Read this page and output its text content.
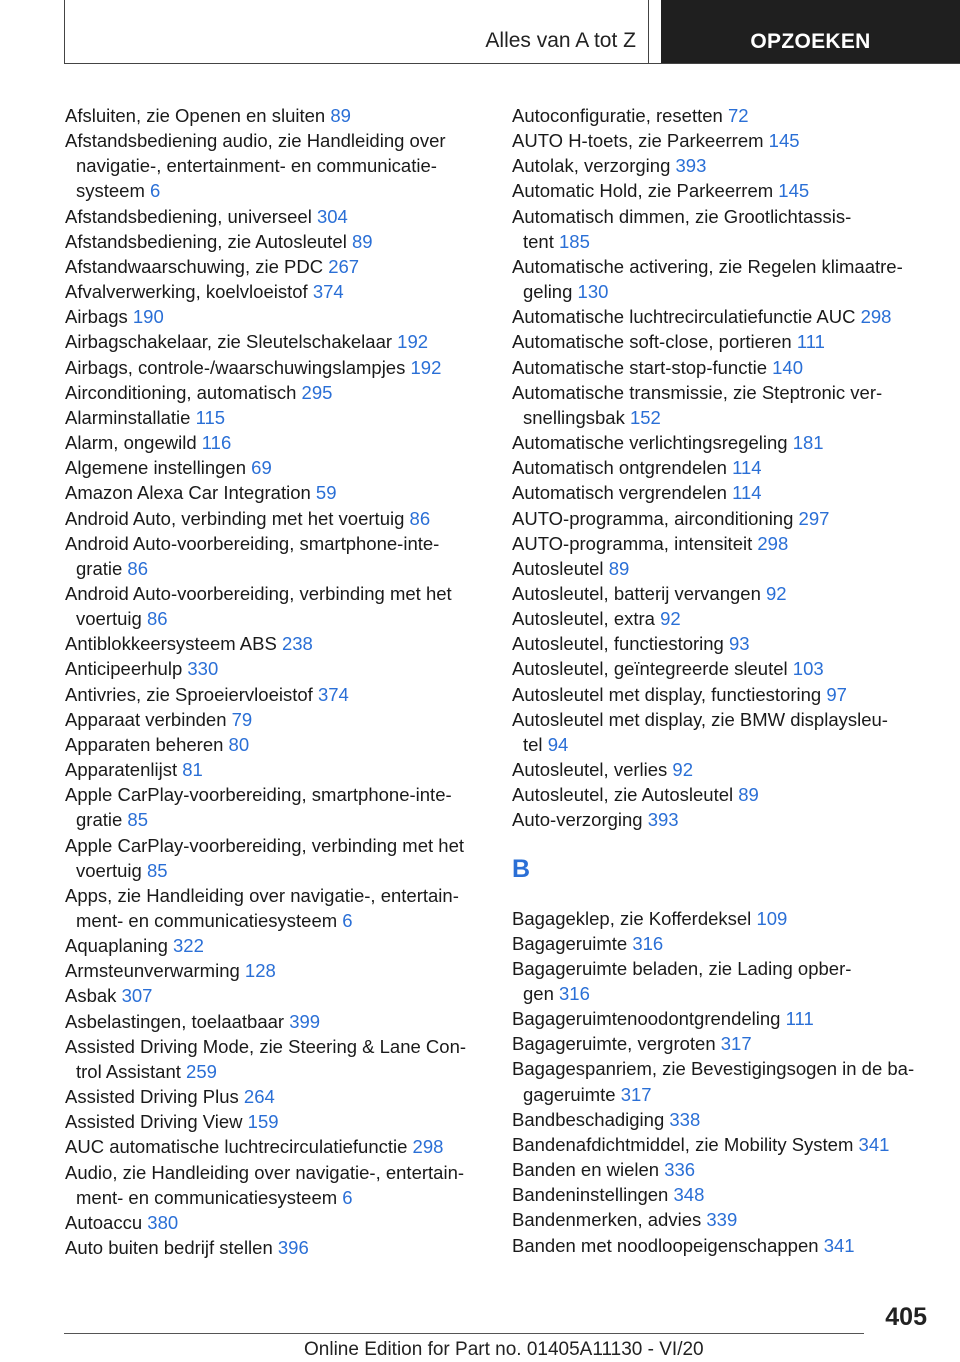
Alles van A tot Z	OPZOEKEN
Afsluiten, zie Openen en sluiten 89
Afstandsbediening audio, zie Handleiding over
navigatie-, entertainment- en communicatie-
systeem 6
Afstandsbediening, universeel 304
Afstandsbediening, zie Autosleutel 89
Afstandwaarschuwing, zie PDC 267
Afvalverwerking, koelvloeistof 374
Airbags 190
Airbagschakelaar, zie Sleutelschakelaar 192
Airbags, controle-/waarschuwingslampjes 192
Airconditioning, automatisch 295
Alarminstallatie 115
Alarm, ongewild 116
Algemene instellingen 69
Amazon Alexa Car Integration 59
Android Auto, verbinding met het voertuig 86
Android Auto-voorbereiding, smartphone-inte-
gratie 86
Android Auto-voorbereiding, verbinding met het
voertuig 86
Antiblokkeersysteem ABS 238
Anticipeerhulp 330
Antivries, zie Sproeiervloeistof 374
Apparaat verbinden 79
Apparaten beheren 80
Apparatenlijst 81
Apple CarPlay-voorbereiding, smartphone-inte-
gratie 85
Apple CarPlay-voorbereiding, verbinding met het
voertuig 85
Apps, zie Handleiding over navigatie-, entertain-
ment- en communicatiesysteem 6
Aquaplaning 322
Armsteunverwarming 128
Asbak 307
Asbelastingen, toelaatbaar 399
Assisted Driving Mode, zie Steering & Lane Con-
trol Assistant 259
Assisted Driving Plus 264
Assisted Driving View 159
AUC automatische luchtrecirculatiefunctie 298
Audio, zie Handleiding over navigatie-, entertain-
ment- en communicatiesysteem 6
Autoaccu 380
Auto buiten bedrijf stellen 396
Autoconfiguratie, resetten 72
AUTO H-toets, zie Parkeerrem 145
Autolak, verzorging 393
Automatic Hold, zie Parkeerrem 145
Automatisch dimmen, zie Grootlichtassis-
tent 185
Automatische activering, zie Regelen klimaatre-
geling 130
Automatische luchtrecirculatiefunctie AUC 298
Automatische soft-close, portieren 111
Automatische start-stop-functie 140
Automatische transmissie, zie Steptronic ver-
snellingsbak 152
Automatische verlichtingsregeling 181
Automatisch ontgrendelen 114
Automatisch vergrendelen 114
AUTO-programma, airconditioning 297
AUTO-programma, intensiteit 298
Autosleutel 89
Autosleutel, batterij vervangen 92
Autosleutel, extra 92
Autosleutel, functiestoring 93
Autosleutel, geïntegreerde sleutel 103
Autosleutel met display, functiestoring 97
Autosleutel met display, zie BMW displaysleu-
tel 94
Autosleutel, verlies 92
Autosleutel, zie Autosleutel 89
Auto-verzorging 393
B
Bagageklep, zie Kofferdeksel 109
Bagageruimte 316
Bagageruimte beladen, zie Lading opber-
gen 316
Bagageruimtenoodontgrendeling 111
Bagageruimte, vergroten 317
Bagagespanriem, zie Bevestigingsogen in de ba-
gageruimte 317
Bandbeschadiging 338
Bandenafdichtmiddel, zie Mobility System 341
Banden en wielen 336
Bandeninstellingen 348
Bandenmerken, advies 339
Banden met noodloopeigenschappen 341
405
Online Edition for Part no. 01405A11130 - VI/20
